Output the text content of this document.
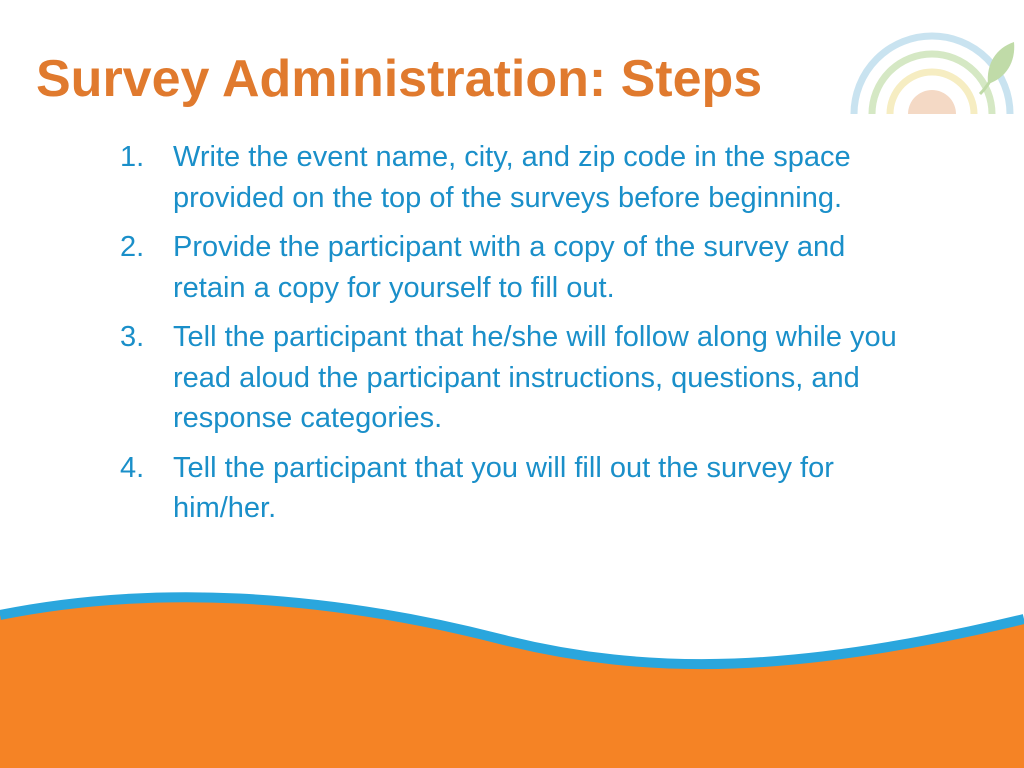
Survey Administration: Steps
1. Write the event name, city, and zip code in the space provided on the top of the surveys before beginning.
2. Provide the participant with a copy of the survey and retain a copy for yourself to fill out.
3. Tell the participant that he/she will follow along while you read aloud the participant instructions, questions, and response categories.
4. Tell the participant that you will fill out the survey for him/her.
